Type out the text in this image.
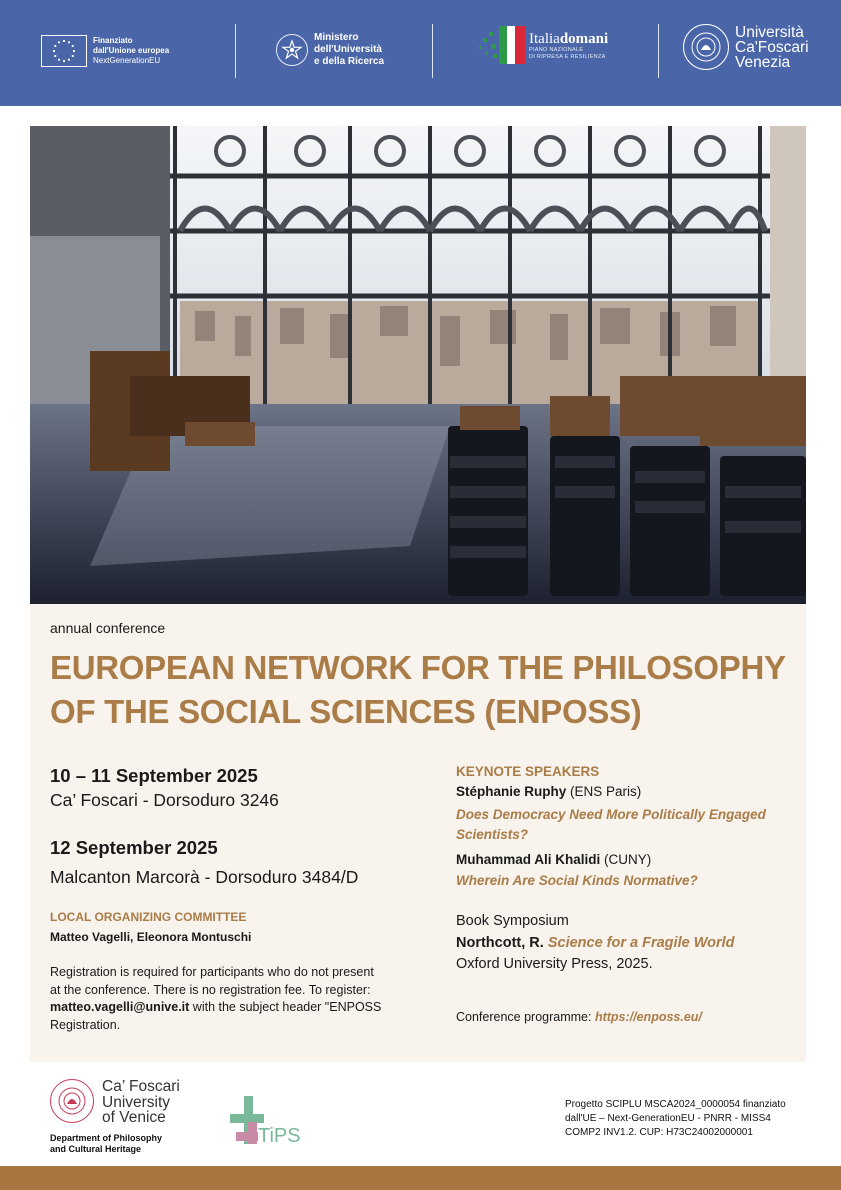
Finanziato
dall'Unione europea
NextGenerationEU
Ministero
dell'Università
e della Ricerca
Italiadomani
PIANO NAZIONALE
DI RIPRESA E RESILIENZA
Università
Ca'Foscari
Venezia
annual conference
EUROPEAN NETWORK FOR THE PHILOSOPHY
OF THE SOCIAL SCIENCES (ENPOSS)
10 – 11 September 2025
Ca’ Foscari - Dorsoduro 3246
12 September 2025
Malcanton Marcorà - Dorsoduro 3484/D
LOCAL ORGANIZING COMMITTEE
Matteo Vagelli, Eleonora Montuschi
Registration is required for participants who do not present
at the conference. There is no registration fee. To register:
matteo.vagelli@unive.it with the subject header "ENPOSS
Registration.
KEYNOTE SPEAKERS
Stéphanie Ruphy (ENS Paris)
Does Democracy Need More Politically Engaged
Scientists?
Muhammad Ali Khalidi (CUNY)
Wherein Are Social Kinds Normative?
Book Symposium
Northcott, R. Science for a Fragile World
Oxford University Press, 2025.
Conference programme: https://enposs.eu/
Ca’ Foscari
University
of Venice
Department of Philosophy
and Cultural Heritage
TiPS
Progetto SCIPLU MSCA2024_0000054 finanziato
dall'UE – Next-GenerationEU - PNRR - MISS4
COMP2 INV1.2. CUP: H73C24002000001
